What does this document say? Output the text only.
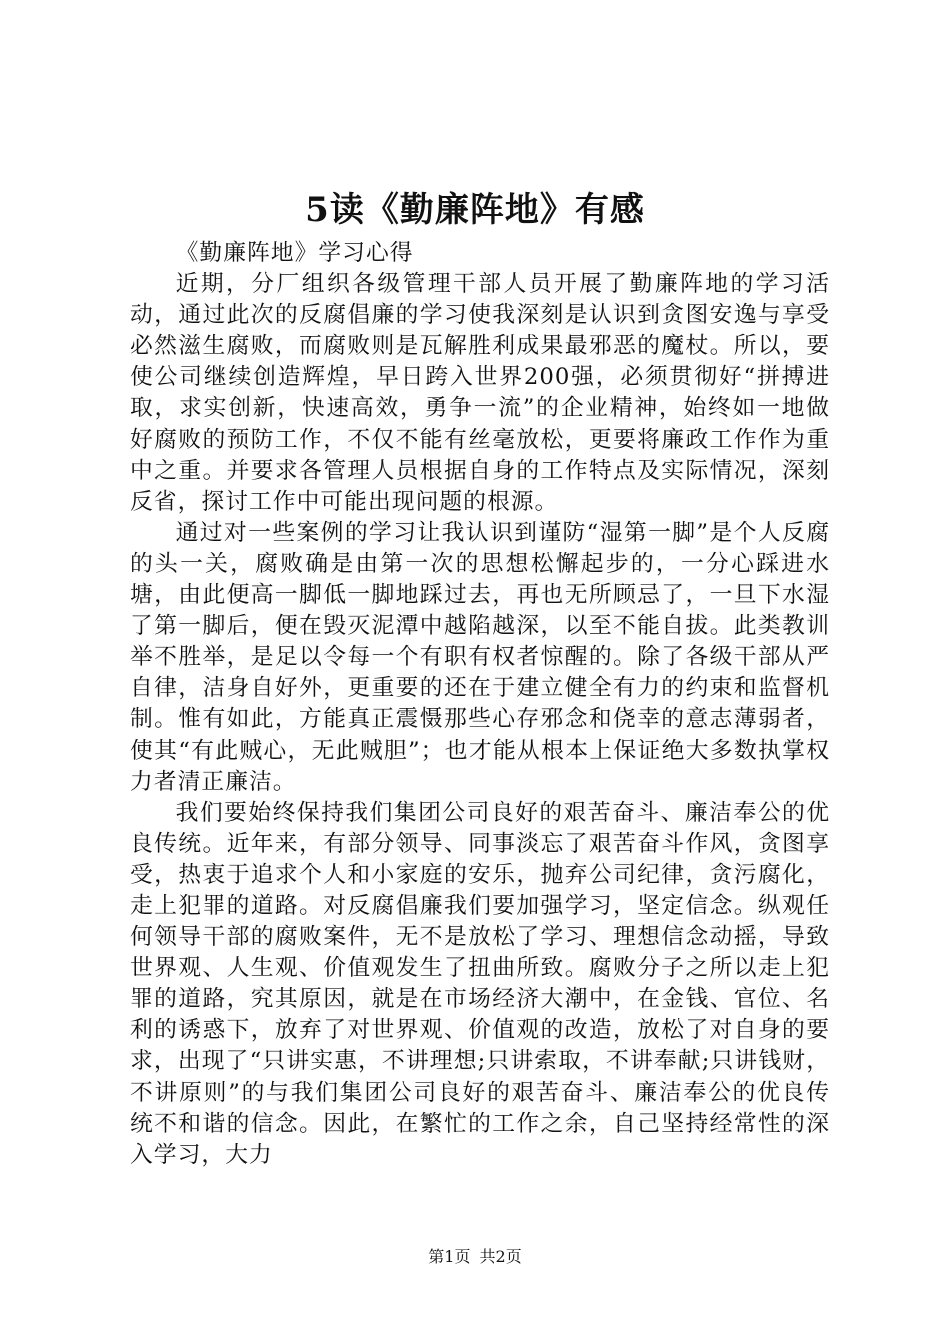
5读《勤廉阵地》有感

《勤廉阵地》学习心得

近期，分厂组织各级管理干部人员开展了勤廉阵地的学习活动，通过此次的反腐倡廉的学习使我深刻是认识到贪图安逸与享受必然滋生腐败，而腐败则是瓦解胜利成果最邪恶的魔杖。所以，要使公司继续创造辉煌，早日跨入世界200强，必须贯彻好“拼搏进取，求实创新，快速高效，勇争一流”的企业精神，始终如一地做好腐败的预防工作，不仅不能有丝毫放松，更要将廉政工作作为重中之重。并要求各管理人员根据自身的工作特点及实际情况，深刻反省，探讨工作中可能出现问题的根源。

通过对一些案例的学习让我认识到谨防“湿第一脚”是个人反腐的头一关，腐败确是由第一次的思想松懈起步的，一分心踩进水塘，由此便高一脚低一脚地踩过去，再也无所顾忌了，一旦下水湿了第一脚后，便在毁灭泥潭中越陷越深，以至不能自拔。此类教训举不胜举，是足以令每一个有职有权者惊醒的。除了各级干部从严自律，洁身自好外，更重要的还在于建立健全有力的约束和监督机制。惟有如此，方能真正震慑那些心存邪念和侥幸的意志薄弱者，使其“有此贼心，无此贼胆”；也才能从根本上保证绝大多数执掌权力者清正廉洁。

我们要始终保持我们集团公司良好的艰苦奋斗、廉洁奉公的优良传统。近年来，有部分领导、同事淡忘了艰苦奋斗作风，贪图享受，热衷于追求个人和小家庭的安乐，抛弃公司纪律，贪污腐化，走上犯罪的道路。对反腐倡廉我们要加强学习，坚定信念。纵观任何领导干部的腐败案件，无不是放松了学习、理想信念动摇，导致世界观、人生观、价值观发生了扭曲所致。腐败分子之所以走上犯罪的道路，究其原因，就是在市场经济大潮中，在金钱、官位、名利的诱惑下，放弃了对世界观、价值观的改造，放松了对自身的要求，出现了“只讲实惠，不讲理想;只讲索取，不讲奉献;只讲钱财，不讲原则”的与我们集团公司良好的艰苦奋斗、廉洁奉公的优良传统不和谐的信念。因此，在繁忙的工作之余，自己坚持经常性的深入学习，大力

第1页 共2页
